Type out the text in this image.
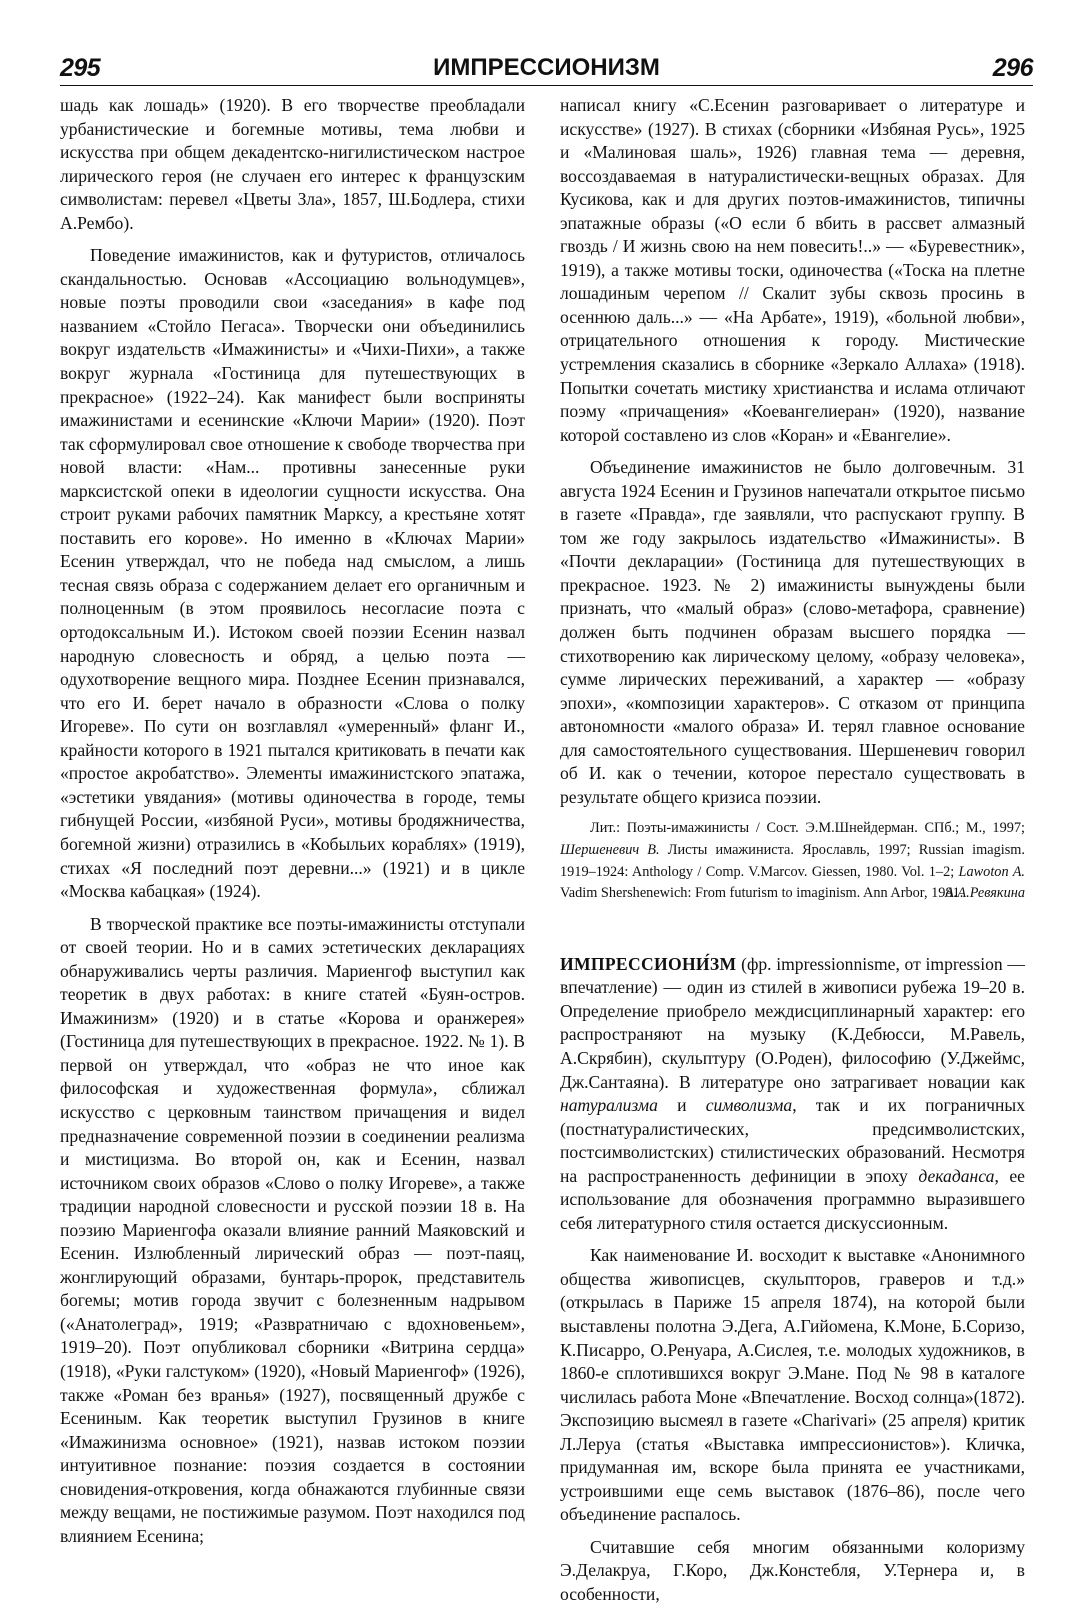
295	ИМПРЕССИОНИЗМ	296

шадь как лошадь» (1920). В его творчестве преобладали урбанистические и богемные мотивы, тема любви и искусства при общем декадентско-нигилистическом настрое лирического героя (не случаен его интерес к французским символистам: перевел «Цветы Зла», 1857, Ш.Бодлера, стихи А.Рембо).

Поведение имажинистов, как и футуристов, отличалось скандальностью. Основав «Ассоциацию вольнодумцев», новые поэты проводили свои «заседания» в кафе под названием «Стойло Пегаса». Творчески они объединились вокруг издательств «Имажинисты» и «Чихи-Пихи», а также вокруг журнала «Гостиница для путешествующих в прекрасное» (1922–24). Как манифест были восприняты имажинистами и есенинские «Ключи Марии» (1920). Поэт так сформулировал свое отношение к свободе творчества при новой власти: «Нам... противны занесенные руки марксистской опеки в идеологии сущности искусства. Она строит руками рабочих памятник Марксу, а крестьяне хотят поставить его корове». Но именно в «Ключах Марии» Есенин утверждал, что не победа над смыслом, а лишь тесная связь образа с содержанием делает его органичным и полноценным (в этом проявилось несогласие поэта с ортодоксальным И.). Истоком своей поэзии Есенин назвал народную словесность и обряд, а целью поэта — одухотворение вещного мира. Позднее Есенин признавался, что его И. берет начало в образности «Слова о полку Игореве». По сути он возглавлял «умеренный» фланг И., крайности которого в 1921 пытался критиковать в печати как «простое акробатство». Элементы имажинистского эпатажа, «эстетики увядания» (мотивы одиночества в городе, темы гибнущей России, «избяной Руси», мотивы бродяжничества, богемной жизни) отразились в «Кобыльих кораблях» (1919), стихах «Я последний поэт деревни...» (1921) и в цикле «Москва кабацкая» (1924).

В творческой практике все поэты-имажинисты отступали от своей теории. Но и в самих эстетических декларациях обнаруживались черты различия. Мариенгоф выступил как теоретик в двух работах: в книге статей «Буян-остров. Имажинизм» (1920) и в статье «Корова и оранжерея» (Гостиница для путешествующих в прекрасное. 1922. № 1). В первой он утверждал, что «образ не что иное как философская и художественная формула», сближал искусство с церковным таинством причащения и видел предназначение современной поэзии в соединении реализма и мистицизма. Во второй он, как и Есенин, назвал источником своих образов «Слово о полку Игореве», а также традиции народной словесности и русской поэзии 18 в. На поэзию Мариенгофа оказали влияние ранний Маяковский и Есенин. Излюбленный лирический образ — поэт-паяц, жонглирующий образами, бунтарь-пророк, представитель богемы; мотив города звучит с болезненным надрывом («Анатолеград», 1919; «Развратничаю с вдохновеньем», 1919–20). Поэт опубликовал сборники «Витрина сердца» (1918), «Руки галстуком» (1920), «Новый Мариенгоф» (1926), также «Роман без вранья» (1927), посвященный дружбе с Есениным. Как теоретик выступил Грузинов в книге «Имажинизма основное» (1921), назвав истоком поэзии интуитивное познание: поэзия создается в состоянии сновидения-откровения, когда обнажаются глубинные связи между вещами, не постижимые разумом. Поэт находился под влиянием Есенина;

написал книгу «С.Есенин разговаривает о литературе и искусстве» (1927). В стихах (сборники «Избяная Русь», 1925 и «Малиновая шаль», 1926) главная тема — деревня, воссоздаваемая в натуралистически-вещных образах. Для Кусикова, как и для других поэтов-имажинистов, типичны эпатажные образы («О если б вбить в рассвет алмазный гвоздь / И жизнь свою на нем повесить!..» — «Буревестник», 1919), а также мотивы тоски, одиночества («Тоска на плетне лошадиным черепом // Скалит зубы сквозь просинь в осеннюю даль...» — «На Арбате», 1919), «больной любви», отрицательного отношения к городу. Мистические устремления сказались в сборнике «Зеркало Аллаха» (1918). Попытки сочетать мистику христианства и ислама отличают поэму «причащения» «Коевангелиеран» (1920), название которой составлено из слов «Коран» и «Евангелие».

Объединение имажинистов не было долговечным. 31 августа 1924 Есенин и Грузинов напечатали открытое письмо в газете «Правда», где заявляли, что распускают группу. В том же году закрылось издательство «Имажинисты». В «Почти декларации» (Гостиница для путешествующих в прекрасное. 1923. № 2) имажинисты вынуждены были признать, что «малый образ» (слово-метафора, сравнение) должен быть подчинен образам высшего порядка — стихотворению как лирическому целому, «образу человека», сумме лирических переживаний, а характер — «образу эпохи», «композиции характеров». С отказом от принципа автономности «малого образа» И. терял главное основание для самостоятельного существования. Шершеневич говорил об И. как о течении, которое перестало существовать в результате общего кризиса поэзии.

Лит.: Поэты-имажинисты / Сост. Э.М.Шнейдерман. СПб.; М., 1997; Шершеневич В. Листы имажиниста. Ярославль, 1997; Russian imagism. 1919–1924: Anthology / Comp. V.Marcov. Giessen, 1980. Vol. 1–2; Lawoton A. Vadim Shershenewich: From futurism to imaginism. Ann Arbor, 1981.
А.А.Ревякина

ИМПРЕССИОНИ́ЗМ (фр. impressionnisme, от impression — впечатление) — один из стилей в живописи рубежа 19–20 в. Определение приобрело междисциплинарный характер: его распространяют на музыку (К.Дебюсси, М.Равель, А.Скрябин), скульптуру (О.Роден), философию (У.Джеймс, Дж.Сантаяна). В литературе оно затрагивает новации как натурализма и символизма, так и их пограничных (постнатуралистических, предсимволистских, постсимволистских) стилистических образований. Несмотря на распространенность дефиниции в эпоху декаданса, ее использование для обозначения программно выразившего себя литературного стиля остается дискуссионным.

Как наименование И. восходит к выставке «Анонимного общества живописцев, скульпторов, граверов и т.д.» (открылась в Париже 15 апреля 1874), на которой были выставлены полотна Э.Дега, А.Гийомена, К.Моне, Б.Соризо, К.Писарро, О.Ренуара, А.Сислея, т.е. молодых художников, в 1860-е сплотившихся вокруг Э.Мане. Под № 98 в каталоге числилась работа Моне «Впечатление. Восход солнца»(1872). Экспозицию высмеял в газете «Charivari» (25 апреля) критик Л.Леруа (статья «Выставка импрессионистов»). Кличка, придуманная им, вскоре была принята ее участниками, устроившими еще семь выставок (1876–86), после чего объединение распалось.

Считавшие себя многим обязанными колоризму Э.Делакруа, Г.Коро, Дж.Констебля, У.Тернера и, в особенности,
